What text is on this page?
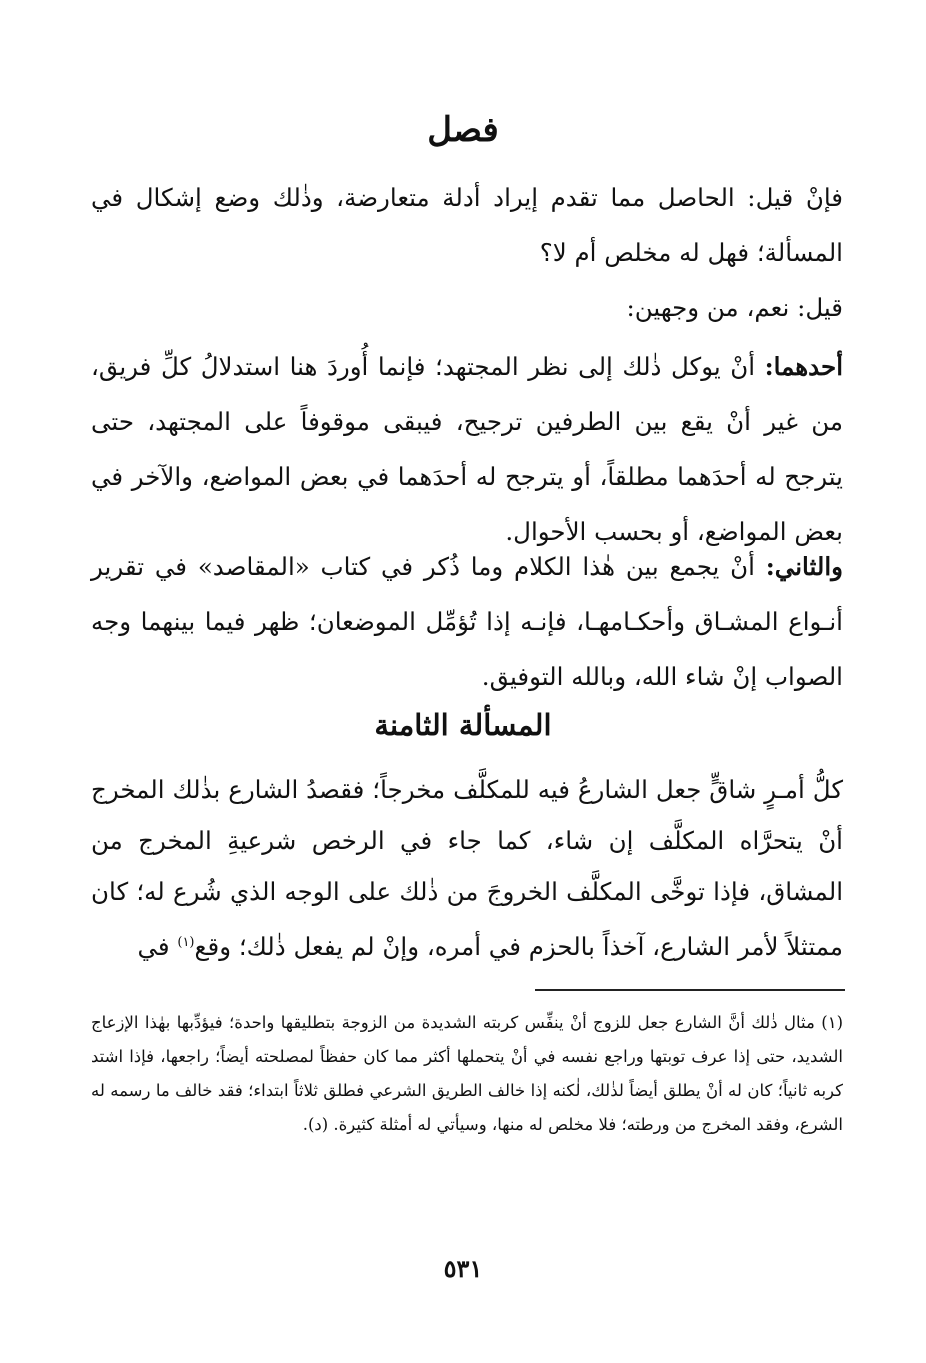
فصل

فإنْ قيل: الحاصل مما تقدم إيراد أدلة متعارضة، وذٰلك وضع إشكال في المسألة؛ فهل له مخلص أم لا؟

قيل: نعم، من وجهين:

أحدهما: أنْ يوكل ذٰلك إلى نظر المجتهد؛ فإنما أُوردَ هنا استدلالُ كلِّ فريق، من غير أنْ يقع بين الطرفين ترجيح، فيبقى موقوفاً على المجتهد، حتى يترجح له أحدَهما مطلقاً، أو يترجح له أحدَهما في بعض المواضع، والآخر في بعض المواضع، أو بحسب الأحوال.

والثاني: أنْ يجمع بين هٰذا الكلام وما ذُكر في كتاب «المقاصد» في تقرير أنـواع المشـاق وأحكـامهـا، فإنـه إذا تُؤمِّل الموضعان؛ ظهر فيما بينهما وجه الصواب إنْ شاء الله، وبالله التوفيق.

المسألة الثامنة

كلُّ أمـرٍ شاقٍّ جعل الشارعُ فيه للمكلَّف مخرجاً؛ فقصدُ الشارع بذٰلك المخرج أنْ يتحرَّاه المكلَّف إن شاء، كما جاء في الرخص شرعيةِ المخرج من المشاق، فإذا توخَّى المكلَّف الخروجَ من ذٰلك على الوجه الذي شُرع له؛ كان ممتثلاً لأمر الشارع، آخذاً بالحزم في أمره، وإنْ لم يفعل ذٰلك؛ وقع$^{(١)}$ في

(١) مثال ذٰلك أنَّ الشارع جعل للزوج أنْ ينفِّس كربته الشديدة من الزوجة بتطليقها واحدة؛ فيؤدِّبها بهٰذا الإزعاج الشديد، حتى إذا عرف توبتها وراجع نفسه في أنْ يتحملها أكثر مما كان حفظاً لمصلحته أيضاً؛ راجعها، فإذا اشتد كربه ثانياً؛ كان له أنْ يطلق أيضاً لذٰلك، لٰكنه إذا خالف الطريق الشرعي فطلق ثلاثاً ابتداء؛ فقد خالف ما رسمه له الشرع، وفقد المخرج من ورطته؛ فلا مخلص له منها، وسيأتي له أمثلة كثيرة. (د).

٥٣١
